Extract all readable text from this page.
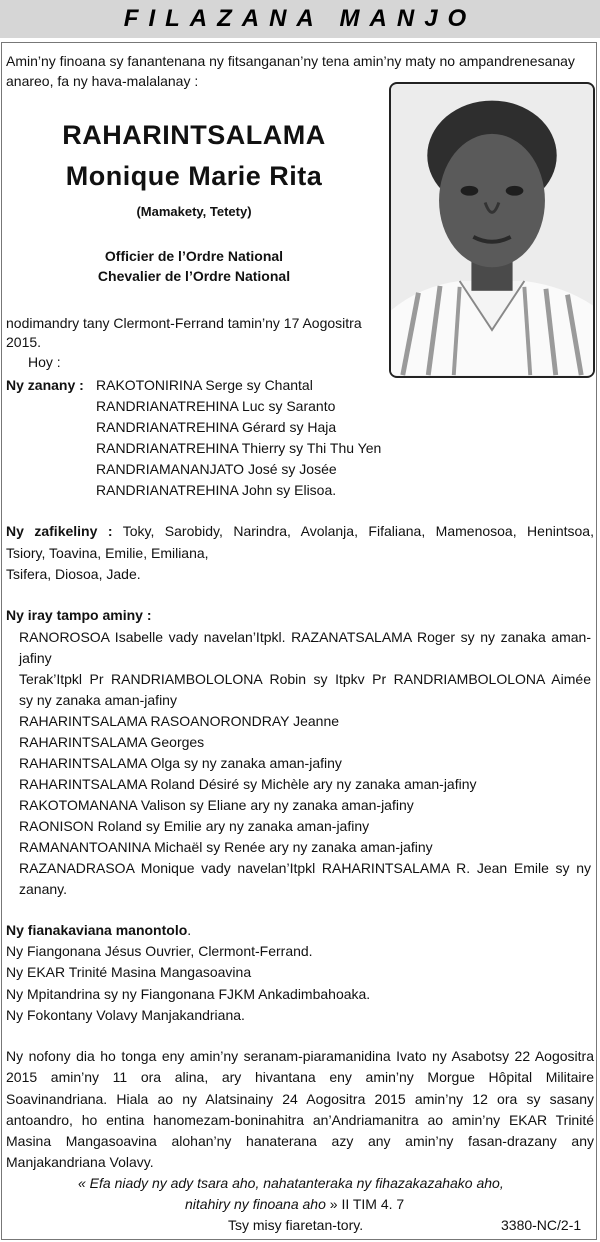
FILAZANA MANJO
Amin’ny finoana sy fanantenana ny fitsanganan’ny tena amin’ny maty no ampandrenesanay
anareo, fa ny hava-malalanay :
RAHARINTSALAMA
Monique Marie Rita
(Mamakety, Tetety)
Officier de l’Ordre National
Chevalier de l’Ordre National
nodimandry tany Clermont-Ferrand tamin’ny 17 Aogositra
2015.
Hoy :
Ny zanany : RAKOTONIRINA Serge sy Chantal
RANDRIANATREHINA Luc sy Saranto
RANDRIANATREHINA Gérard sy Haja
RANDRIANATREHINA Thierry sy Thi Thu Yen
RANDRIAMANANJATO José sy Josée
RANDRIANATREHINA John sy Elisoa.
Ny zafikeliny : Toky, Sarobidy, Narindra, Avolanja, Fifaliana, Mamenosoa, Henintsoa,
Tsiory, Toavina, Emilie, Emiliana,
Tsifera, Diosoa, Jade.
Ny iray tampo aminy :
RANOROSOA Isabelle vady navelan’Itpkl. RAZANATSALAMA Roger sy ny zanaka aman-
jafiny
Terak’Itpkl Pr RANDRIAMBOLOLONA Robin sy Itpkv Pr RANDRIAMBOLOLONA Aimée
sy ny zanaka aman-jafiny
RAHARINTSALAMA RASOANORONDRAY Jeanne
RAHARINTSALAMA Georges
RAHARINTSALAMA Olga sy ny zanaka aman-jafiny
RAHARINTSALAMA Roland Désiré sy Michèle ary ny zanaka aman-jafiny
RAKOTOMANANA Valison sy Eliane ary ny zanaka aman-jafiny
RAONISON Roland sy Emilie ary ny zanaka aman-jafiny
RAMANANTOANINA Michaël sy Renée ary ny zanaka aman-jafiny
RAZANADRASOA Monique vady navelan’Itpkl RAHARINTSALAMA R. Jean Emile sy ny
zanany.
Ny fianakaviana manontolo.
Ny Fiangonana Jésus Ouvrier, Clermont-Ferrand.
Ny EKAR Trinité Masina Mangasoavina
Ny Mpitandrina sy ny Fiangonana FJKM Ankadimbahoaka.
Ny Fokontany Volavy Manjakandriana.
Ny nofony dia ho tonga eny amin’ny seranam-piaramanidina Ivato ny Asabotsy 22 Aogositra
2015 amin’ny 11 ora alina, ary hivantana eny amin’ny Morgue Hôpital Militaire
Soavinandriana. Hiala ao ny Alatsinainy 24 Aogositra 2015 amin’ny 12 ora sy sasany
antoandro, ho entina hanomezam-boninahitra an’Andriamanitra ao amin’ny EKAR Trinité
Masina Mangasoavina alohan’ny hanaterana azy any amin’ny fasan-drazany any
Manjakandriana Volavy.
« Efa niady ny ady tsara aho, nahatanteraka ny fihazakazahako aho,
nitahiry ny finoana aho » II TIM 4. 7
Tsy misy fiaretan-tory.	3380-NC/2-1
